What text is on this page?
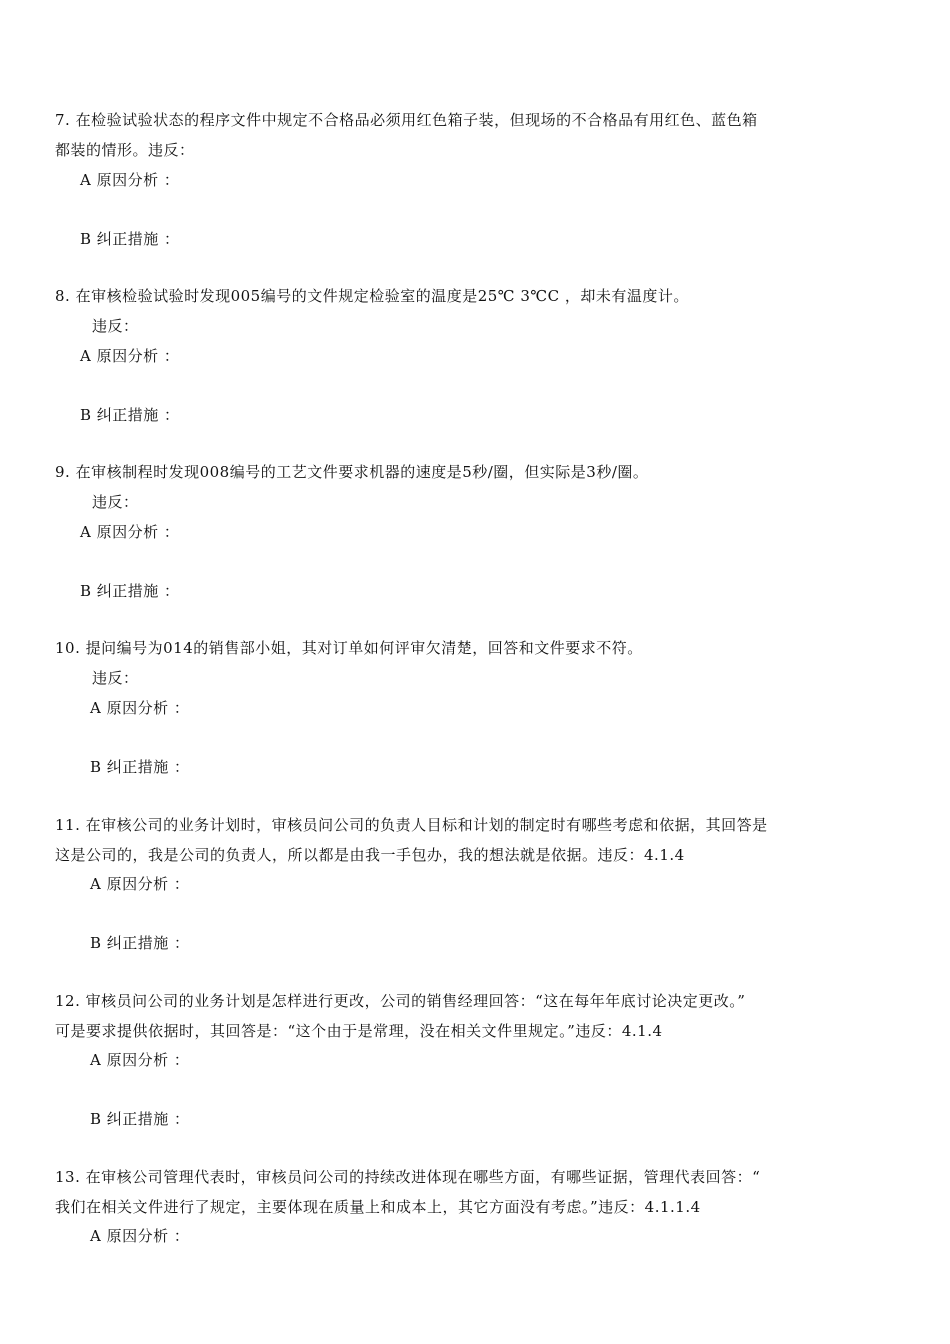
7. 在检验试验状态的程序文件中规定不合格品必须用红色箱子装，但现场的不合格品有用红色、蓝色箱
都装的情形。违反：
A 原因分析 ：
B 纠正措施 ：
8. 在审核检验试验时发现005编号的文件规定检验室的温度是25℃ 3℃C ，却未有温度计。
违反：
A 原因分析 ：
B 纠正措施 ：
9. 在审核制程时发现008编号的工艺文件要求机器的速度是5秒/圈，但实际是3秒/圈。
违反：
A 原因分析 ：
B 纠正措施 ：
10. 提问编号为014的销售部小姐，其对订单如何评审欠清楚，回答和文件要求不符。
违反：
A 原因分析 ：
B 纠正措施 ：
11. 在审核公司的业务计划时，审核员问公司的负责人目标和计划的制定时有哪些考虑和依据，其回答是
这是公司的，我是公司的负责人，所以都是由我一手包办，我的想法就是依据。违反：4.1.4
A 原因分析 ：
B 纠正措施 ：
12. 审核员问公司的业务计划是怎样进行更改，公司的销售经理回答：“这在每年年底讨论决定更改。”
可是要求提供依据时，其回答是：“这个由于是常理，没在相关文件里规定。”违反：4.1.4
A 原因分析 ：
B 纠正措施 ：
13. 在审核公司管理代表时，审核员问公司的持续改进体现在哪些方面，有哪些证据，管理代表回答：“
我们在相关文件进行了规定，主要体现在质量上和成本上，其它方面没有考虑。”违反：4.1.1.4
A 原因分析 ：
